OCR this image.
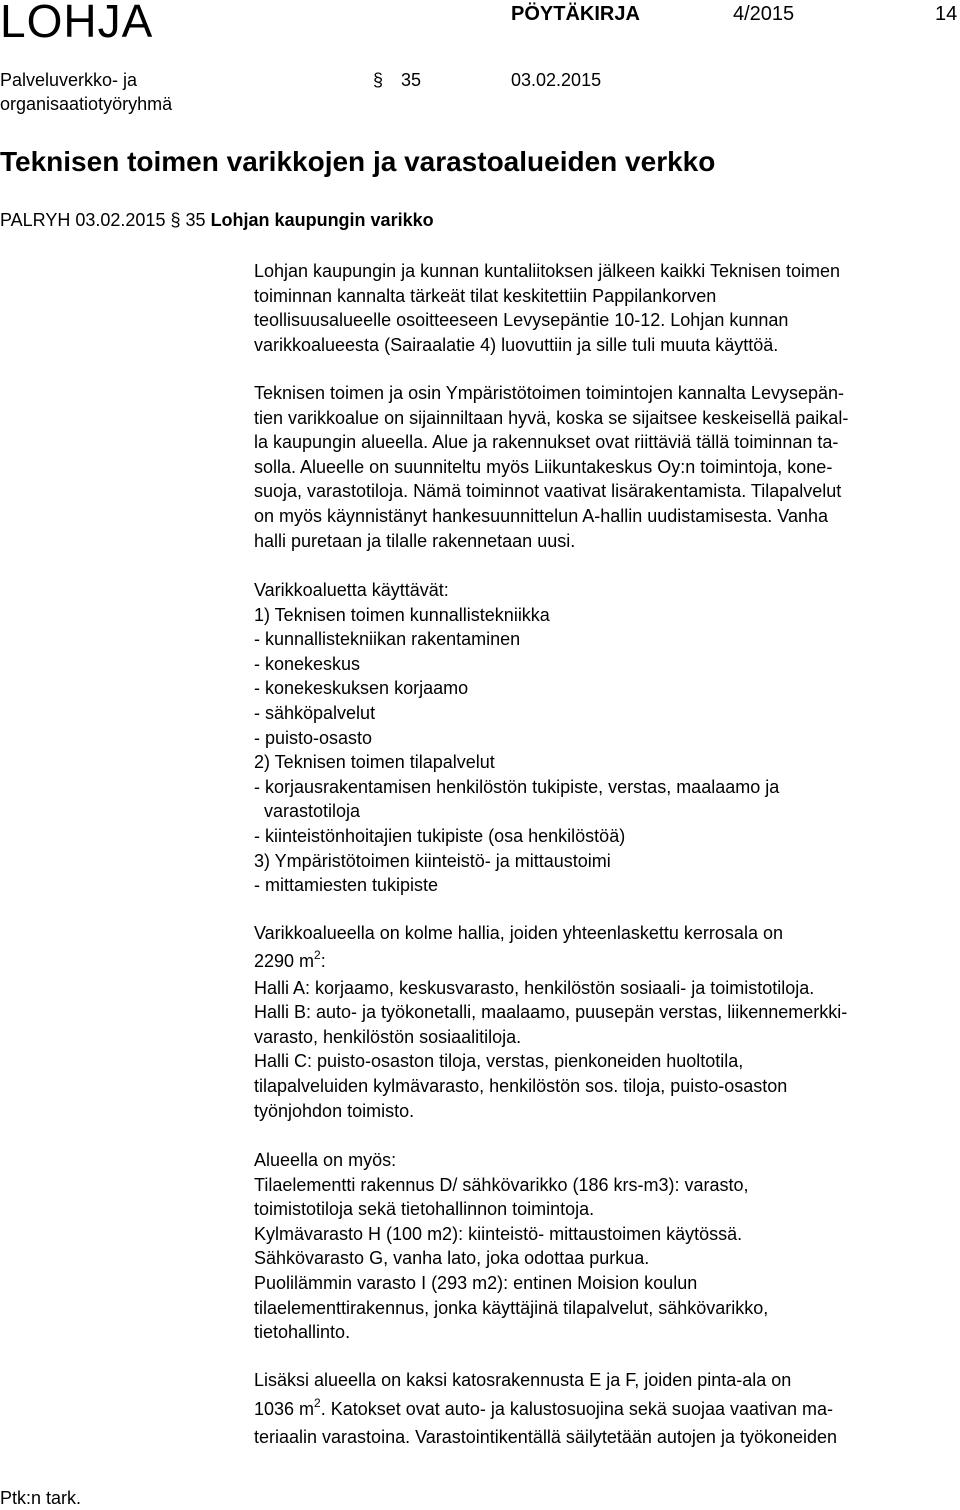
LOHJA	PÖYTÄKIRJA	4/2015	14
Palveluverkko- ja
organisaatiotyöryhmä
§ 35	03.02.2015
Teknisen toimen varikkojen ja varastoalueiden verkko
PALRYH 03.02.2015 § 35 Lohjan kaupungin varikko

Lohjan kaupungin ja kunnan kuntaliitoksen jälkeen kaikki Teknisen toimen

toiminnan kannalta tärkeät tilat keskitettiin Pappilankorven

teollisuusalueelle osoitteeseen Levysepäntie 10-12. Lohjan kunnan

varikkoalueesta (Sairaalatie 4) luovuttiin ja sille tuli muuta käyttöä.

Teknisen toimen ja osin Ympäristötoimen toimintojen kannalta Levysepän-

tien varikkoalue on sijainniltaan hyvä, koska se sijaitsee keskeisellä paikal-

la kaupungin alueella. Alue ja rakennukset ovat riittäviä tällä toiminnan ta-

solla. Alueelle on suunniteltu myös Liikuntakeskus Oy:n toimintoja, kone-

suoja, varastotiloja. Nämä toiminnot vaativat lisärakentamista. Tilapalvelut

on myös käynnistänyt hankesuunnittelun A-hallin uudistamisesta. Vanha

halli puretaan ja tilalle rakennetaan uusi.

Varikkoaluetta käyttävät:

1) Teknisen toimen kunnallistekniikka

- kunnallistekniikan rakentaminen

- konekeskus

- konekeskuksen korjaamo

- sähköpalvelut

- puisto-osasto

2) Teknisen toimen tilapalvelut

- korjausrakentamisen henkilöstön tukipiste, verstas, maalaamo ja

varastotiloja

- kiinteistönhoitajien tukipiste (osa henkilöstöä)

3) Ympäristötoimen kiinteistö- ja mittaustoimi

- mittamiesten tukipiste

Varikkoalueella on kolme hallia, joiden yhteenlaskettu kerrosala on

2290 $m^2$:

Halli A: korjaamo, keskusvarasto, henkilöstön sosiaali- ja toimistotiloja.

Halli B: auto- ja työkonetalli, maalaamo, puusepän verstas, liikennemerkki-

varasto, henkilöstön sosiaalitiloja.

Halli C: puisto-osaston tiloja, verstas, pienkoneiden huoltotila,

tilapalveluiden kylmävarasto, henkilöstön sos. tiloja, puisto-osaston

työnjohdon toimisto.

Alueella on myös:

Tilaelementti rakennus D/ sähkövarikko (186 krs-m3): varasto,

toimistotiloja sekä tietohallinnon toimintoja.

Kylmävarasto H (100 m2): kiinteistö- mittaustoimen käytössä.

Sähkövarasto G, vanha lato, joka odottaa purkua.

Puolilämmin varasto I (293 m2): entinen Moision koulun

tilaelementtirakennus, jonka käyttäjinä tilapalvelut, sähkövarikko,

tietohallinto.

Lisäksi alueella on kaksi katosrakennusta E ja F, joiden pinta-ala on

1036 $m^2$. Katokset ovat auto- ja kalustosuojina sekä suojaa vaativan ma-

teriaalin varastoina. Varastointikentällä säilytetään autojen ja työkoneiden

Ptk:n tark.
